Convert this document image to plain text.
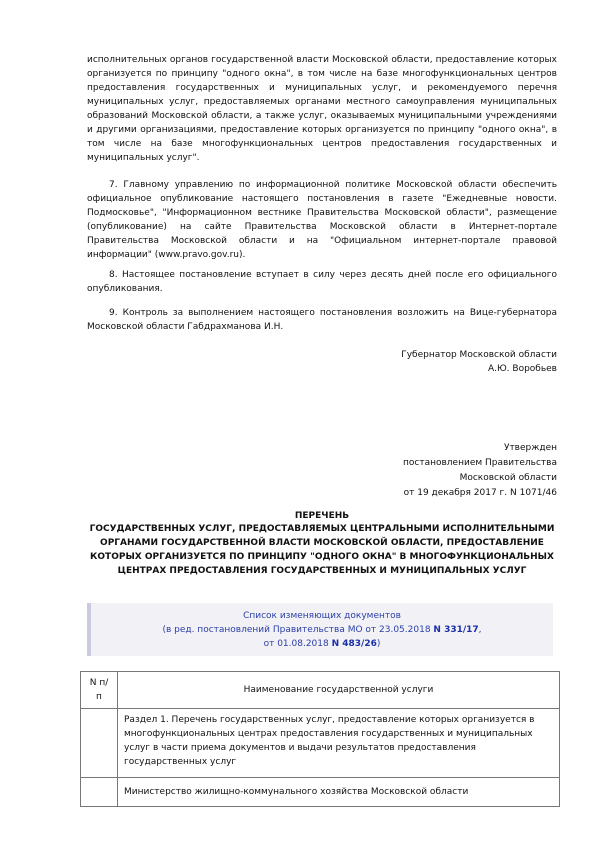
исполнительных органов государственной власти Московской области, предоставление которых организуется по принципу "одного окна", в том числе на базе многофункциональных центров предоставления государственных и муниципальных услуг, и рекомендуемого перечня муниципальных услуг, предоставляемых органами местного самоуправления муниципальных образований Московской области, а также услуг, оказываемых муниципальными учреждениями и другими организациями, предоставление которых организуется по принципу "одного окна", в том числе на базе многофункциональных центров предоставления государственных и муниципальных услуг".

7. Главному управлению по информационной политике Московской области обеспечить официальное опубликование настоящего постановления в газете "Ежедневные новости. Подмосковье", "Информационном вестнике Правительства Московской области", размещение (опубликование) на сайте Правительства Московской области в Интернет-портале Правительства Московской области и на "Официальном интернет-портале правовой информации" (www.pravo.gov.ru).

8. Настоящее постановление вступает в силу через десять дней после его официального опубликования.

9. Контроль за выполнением настоящего постановления возложить на Вице-губернатора Московской области Габдрахманова И.Н.

Губернатор Московской области
А.Ю. Воробьев
Утвержден
постановлением Правительства
Московской области
от 19 декабря 2017 г. N 1071/46
ПЕРЕЧЕНЬ
ГОСУДАРСТВЕННЫХ УСЛУГ, ПРЕДОСТАВЛЯЕМЫХ ЦЕНТРАЛЬНЫМИ ИСПОЛНИТЕЛЬНЫМИ ОРГАНАМИ ГОСУДАРСТВЕННОЙ ВЛАСТИ МОСКОВСКОЙ ОБЛАСТИ, ПРЕДОСТАВЛЕНИЕ КОТОРЫХ ОРГАНИЗУЕТСЯ ПО ПРИНЦИПУ "ОДНОГО ОКНА" В МНОГОФУНКЦИОНАЛЬНЫХ ЦЕНТРАХ ПРЕДОСТАВЛЕНИЯ ГОСУДАРСТВЕННЫХ И МУНИЦИПАЛЬНЫХ УСЛУГ
Список изменяющих документов
(в ред. постановлений Правительства МО от 23.05.2018 N 331/17,
от 01.08.2018 N 483/26)
N п/п	Наименование государственной услуги
	Раздел 1. Перечень государственных услуг, предоставление которых организуется в многофункциональных центрах предоставления государственных и муниципальных услуг в части приема документов и выдачи результатов предоставления государственных услуг
	Министерство жилищно-коммунального хозяйства Московской области
